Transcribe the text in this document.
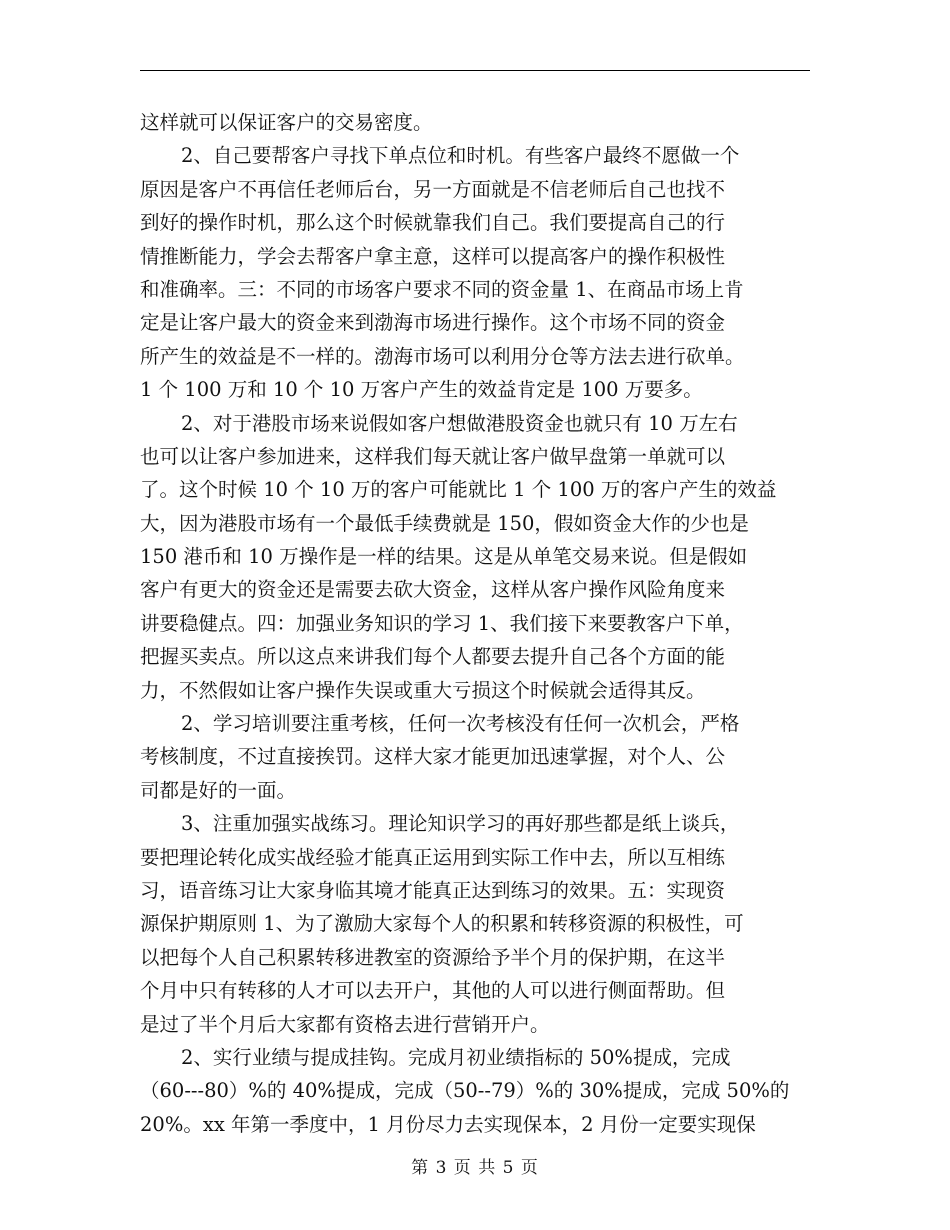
这样就可以保证客户的交易密度。
2、自己要帮客户寻找下单点位和时机。有些客户最终不愿做一个
原因是客户不再信任老师后台，另一方面就是不信老师后自己也找不
到好的操作时机，那么这个时候就靠我们自己。我们要提高自己的行
情推断能力，学会去帮客户拿主意，这样可以提高客户的操作积极性
和准确率。三：不同的市场客户要求不同的资金量 1、在商品市场上肯
定是让客户最大的资金来到渤海市场进行操作。这个市场不同的资金
所产生的效益是不一样的。渤海市场可以利用分仓等方法去进行砍单。
1 个 100 万和 10 个 10 万客户产生的效益肯定是 100 万要多。
2、对于港股市场来说假如客户想做港股资金也就只有 10 万左右
也可以让客户参加进来，这样我们每天就让客户做早盘第一单就可以
了。这个时候 10 个 10 万的客户可能就比 1 个 100 万的客户产生的效益
大，因为港股市场有一个最低手续费就是 150，假如资金大作的少也是
150 港币和 10 万操作是一样的结果。这是从单笔交易来说。但是假如
客户有更大的资金还是需要去砍大资金，这样从客户操作风险角度来
讲要稳健点。四：加强业务知识的学习 1、我们接下来要教客户下单，
把握买卖点。所以这点来讲我们每个人都要去提升自己各个方面的能
力，不然假如让客户操作失误或重大亏损这个时候就会适得其反。
2、学习培训要注重考核，任何一次考核没有任何一次机会，严格
考核制度，不过直接挨罚。这样大家才能更加迅速掌握，对个人、公
司都是好的一面。
3、注重加强实战练习。理论知识学习的再好那些都是纸上谈兵，
要把理论转化成实战经验才能真正运用到实际工作中去，所以互相练
习，语音练习让大家身临其境才能真正达到练习的效果。五：实现资
源保护期原则 1、为了激励大家每个人的积累和转移资源的积极性，可
以把每个人自己积累转移进教室的资源给予半个月的保护期，在这半
个月中只有转移的人才可以去开户，其他的人可以进行侧面帮助。但
是过了半个月后大家都有资格去进行营销开户。
2、实行业绩与提成挂钩。完成月初业绩指标的 50%提成，完成
（60---80）%的 40%提成，完成（50--79）%的 30%提成，完成 50%的
20%。xx 年第一季度中，1 月份尽力去实现保本，2 月份一定要实现保
第 3 页 共 5 页
